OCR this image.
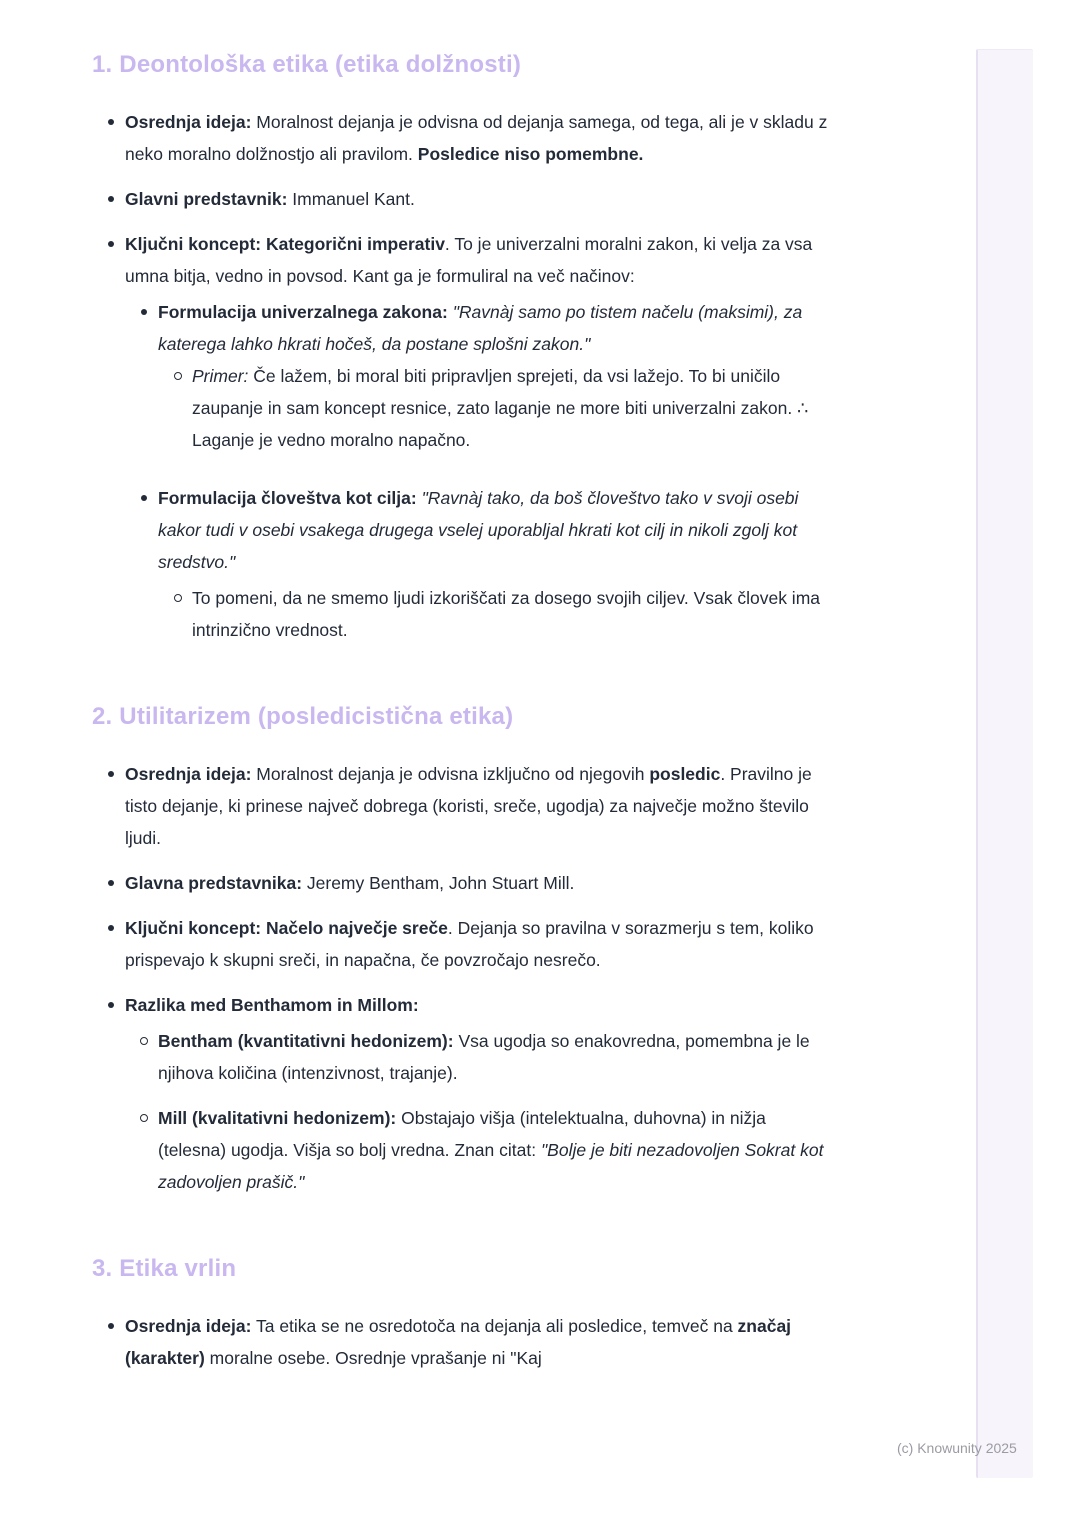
1. Deontološka etika (etika dolžnosti)
Osrednja ideja: Moralnost dejanja je odvisna od dejanja samega, od tega, ali je v skladu z neko moralno dolžnostjo ali pravilom. Posledice niso pomembne.
Glavni predstavnik: Immanuel Kant.
Ključni koncept: Kategorični imperativ. To je univerzalni moralni zakon, ki velja za vsa umna bitja, vedno in povsod. Kant ga je formuliral na več načinov:
Formulacija univerzalnega zakona: "Ravnàj samo po tistem načelu (maksimi), za katerega lahko hkrati hočeš, da postane splošni zakon."
Primer: Če lažem, bi moral biti pripravljen sprejeti, da vsi lažejo. To bi uničilo zaupanje in sam koncept resnice, zato laganje ne more biti univerzalni zakon. ∴ Laganje je vedno moralno napačno.
Formulacija človeštva kot cilja: "Ravnàj tako, da boš človeštvo tako v svoji osebi kakor tudi v osebi vsakega drugega vselej uporabljal hkrati kot cilj in nikoli zgolj kot sredstvo."
To pomeni, da ne smemo ljudi izkoriščati za dosego svojih ciljev. Vsak človek ima intrinzično vrednost.
2. Utilitarizem (posledicistična etika)
Osrednja ideja: Moralnost dejanja je odvisna izključno od njegovih posledic. Pravilno je tisto dejanje, ki prinese največ dobrega (koristi, sreče, ugodja) za največje možno število ljudi.
Glavna predstavnika: Jeremy Bentham, John Stuart Mill.
Ključni koncept: Načelo največje sreče. Dejanja so pravilna v sorazmerju s tem, koliko prispevajo k skupni sreči, in napačna, če povzročajo nesrečo.
Razlika med Benthamom in Millom:
Bentham (kvantitativni hedonizem): Vsa ugodja so enakovredna, pomembna je le njihova količina (intenzivnost, trajanje).
Mill (kvalitativni hedonizem): Obstajajo višja (intelektualna, duhovna) in nižja (telesna) ugodja. Višja so bolj vredna. Znan citat: "Bolje je biti nezadovoljen Sokrat kot zadovoljen prašič."
3. Etika vrlin
Osrednja ideja: Ta etika se ne osredotoča na dejanja ali posledice, temveč na značaj (karakter) moralne osebe. Osrednje vprašanje ni "Kaj
(c) Knowunity 2025
